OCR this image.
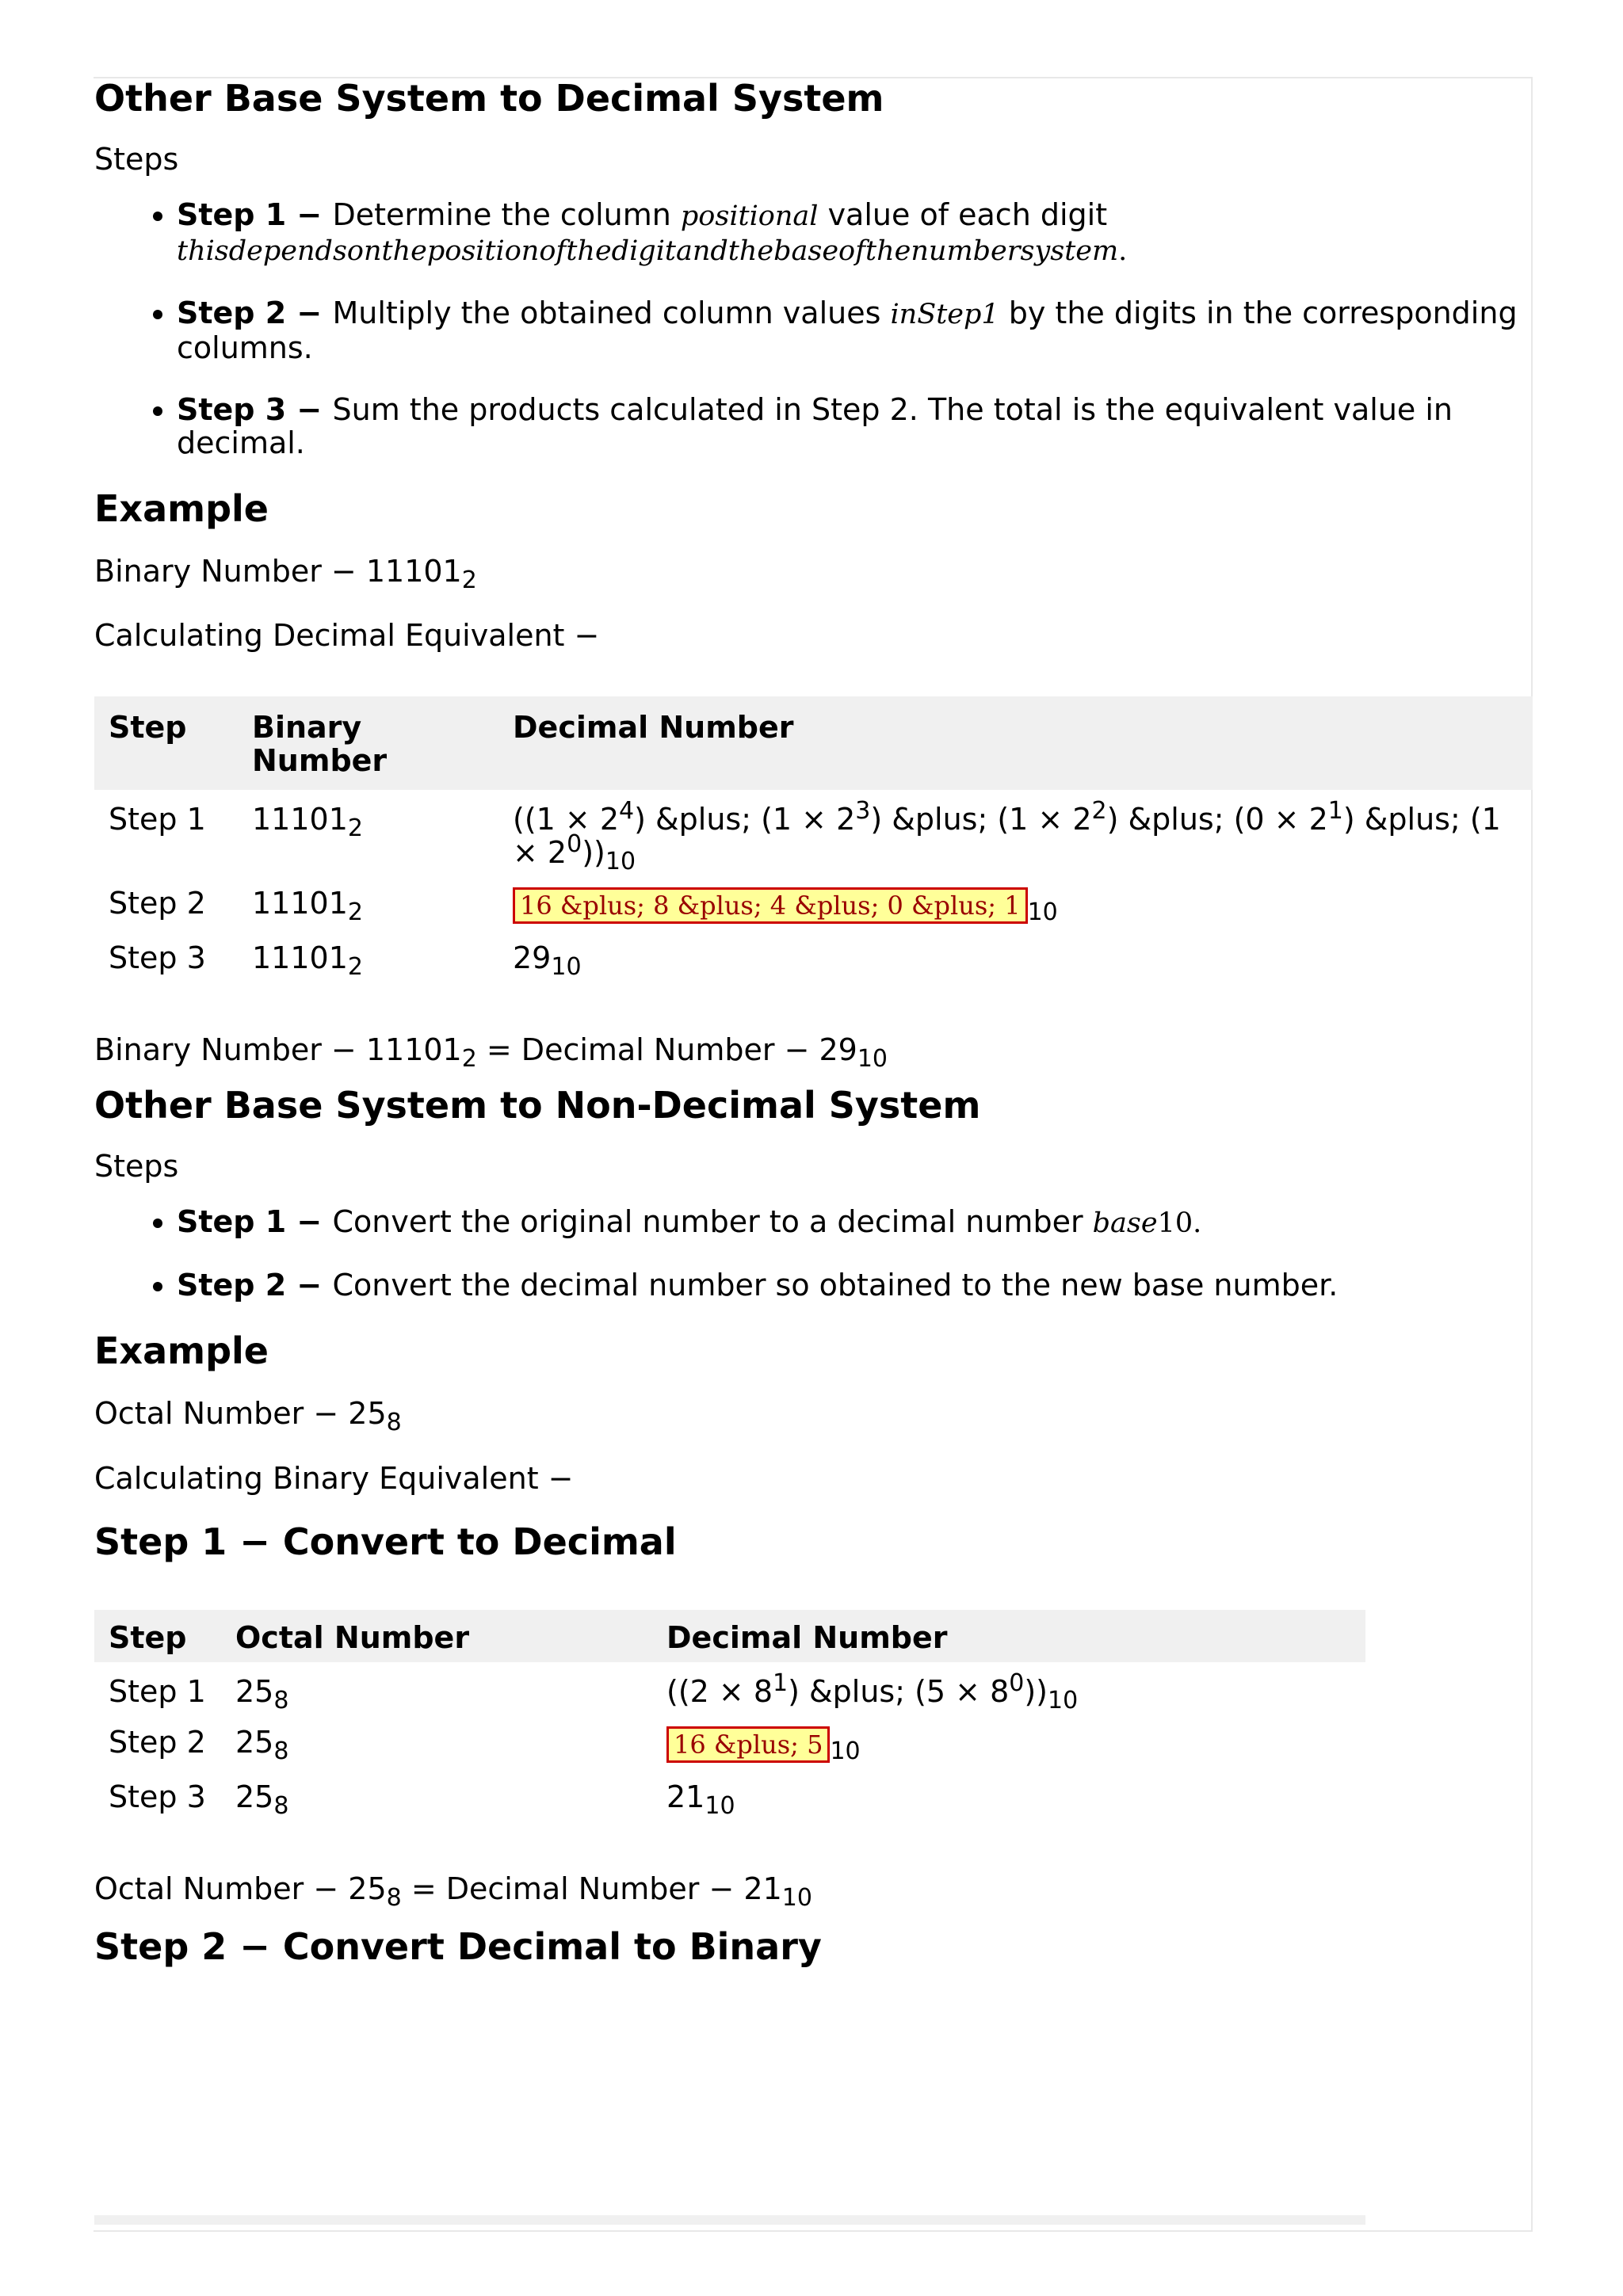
Other Base System to Decimal System

Steps

• Step 1 − Determine the column positional value of each digit
thisdependsonthepositionofthedigitandthebaseofthenumbersystem.
• Step 2 − Multiply the obtained column values inStep1 by the digits in the corresponding columns.
• Step 3 − Sum the products calculated in Step 2. The total is the equivalent value in decimal.
Example

Binary Number − $11101_2$

Calculating Decimal Equivalent −

Step	Binary Number	Decimal Number
Step 1	$11101_2$	($(1 \times 2^4)$ &plus; $(1 \times 2^3)$ &plus; $(1 \times 2^2)$ &plus; $(0 \times 2^1)$ &plus; $(1 \times 2^0))_{10}$
Step 2	$11101_2$	16 &plus; 8 &plus; 4 &plus; 0 &plus; 1 $_{10}$
Step 3	$11101_2$	$29_{10}$

Binary Number − $11101_2$ = Decimal Number − $29_{10}$

Other Base System to Non-Decimal System

Steps

• Step 1 − Convert the original number to a decimal number base10.
• Step 2 − Convert the decimal number so obtained to the new base number.
Example

Octal Number − $25_8$

Calculating Binary Equivalent −

Step 1 − Convert to Decimal
Step	Octal Number	Decimal Number
Step 1	$25_8$	($(2 \times 8^1)$ &plus; $(5 \times 8^0))_{10}$
Step 2	$25_8$	16 &plus; 5 $_{10}$
Step 3	$25_8$	$21_{10}$

Octal Number − $25_8$ = Decimal Number − $21_{10}$

Step 2 − Convert Decimal to Binary
